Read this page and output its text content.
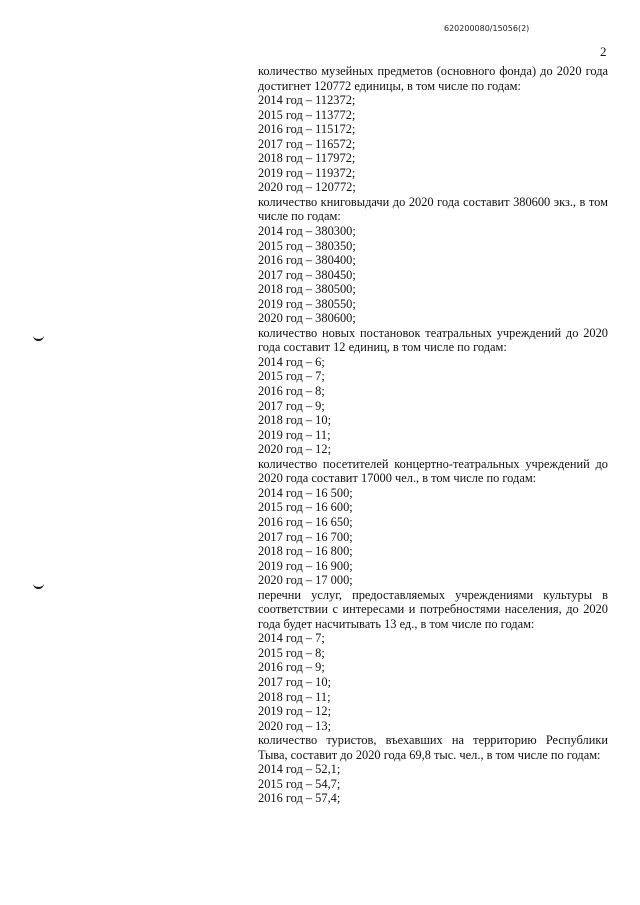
620200080/15056(2)
2
количество музейных предметов (основного фонда) до 2020 года достигнет 120772 единицы, в том числе по годам:
2014 год – 112372;
2015 год – 113772;
2016 год – 115172;
2017 год – 116572;
2018 год – 117972;
2019 год – 119372;
2020 год – 120772;
количество книговыдачи до 2020 года составит 380600 экз., в том числе по годам:
2014 год – 380300;
2015 год – 380350;
2016 год – 380400;
2017 год – 380450;
2018 год – 380500;
2019 год – 380550;
2020 год – 380600;
количество новых постановок театральных учреждений до 2020 года составит 12 единиц, в том числе по годам:
2014 год – 6;
2015 год – 7;
2016 год – 8;
2017 год – 9;
2018 год – 10;
2019 год – 11;
2020 год – 12;
количество посетителей концертно-театральных учреждений до 2020 года составит 17000 чел., в том числе по годам:
2014 год – 16 500;
2015 год – 16 600;
2016 год – 16 650;
2017 год – 16 700;
2018 год – 16 800;
2019 год – 16 900;
2020 год – 17 000;
перечни услуг, предоставляемых учреждениями культуры в соответствии с интересами и потребностями населения, до 2020 года будет насчитывать 13 ед., в том числе по годам:
2014 год – 7;
2015 год – 8;
2016 год – 9;
2017 год – 10;
2018 год – 11;
2019 год – 12;
2020 год – 13;
количество туристов, въехавших на территорию Республики Тыва, составит до 2020 года 69,8 тыс. чел., в том числе по годам:
2014 год – 52,1;
2015 год – 54,7;
2016 год – 57,4;
